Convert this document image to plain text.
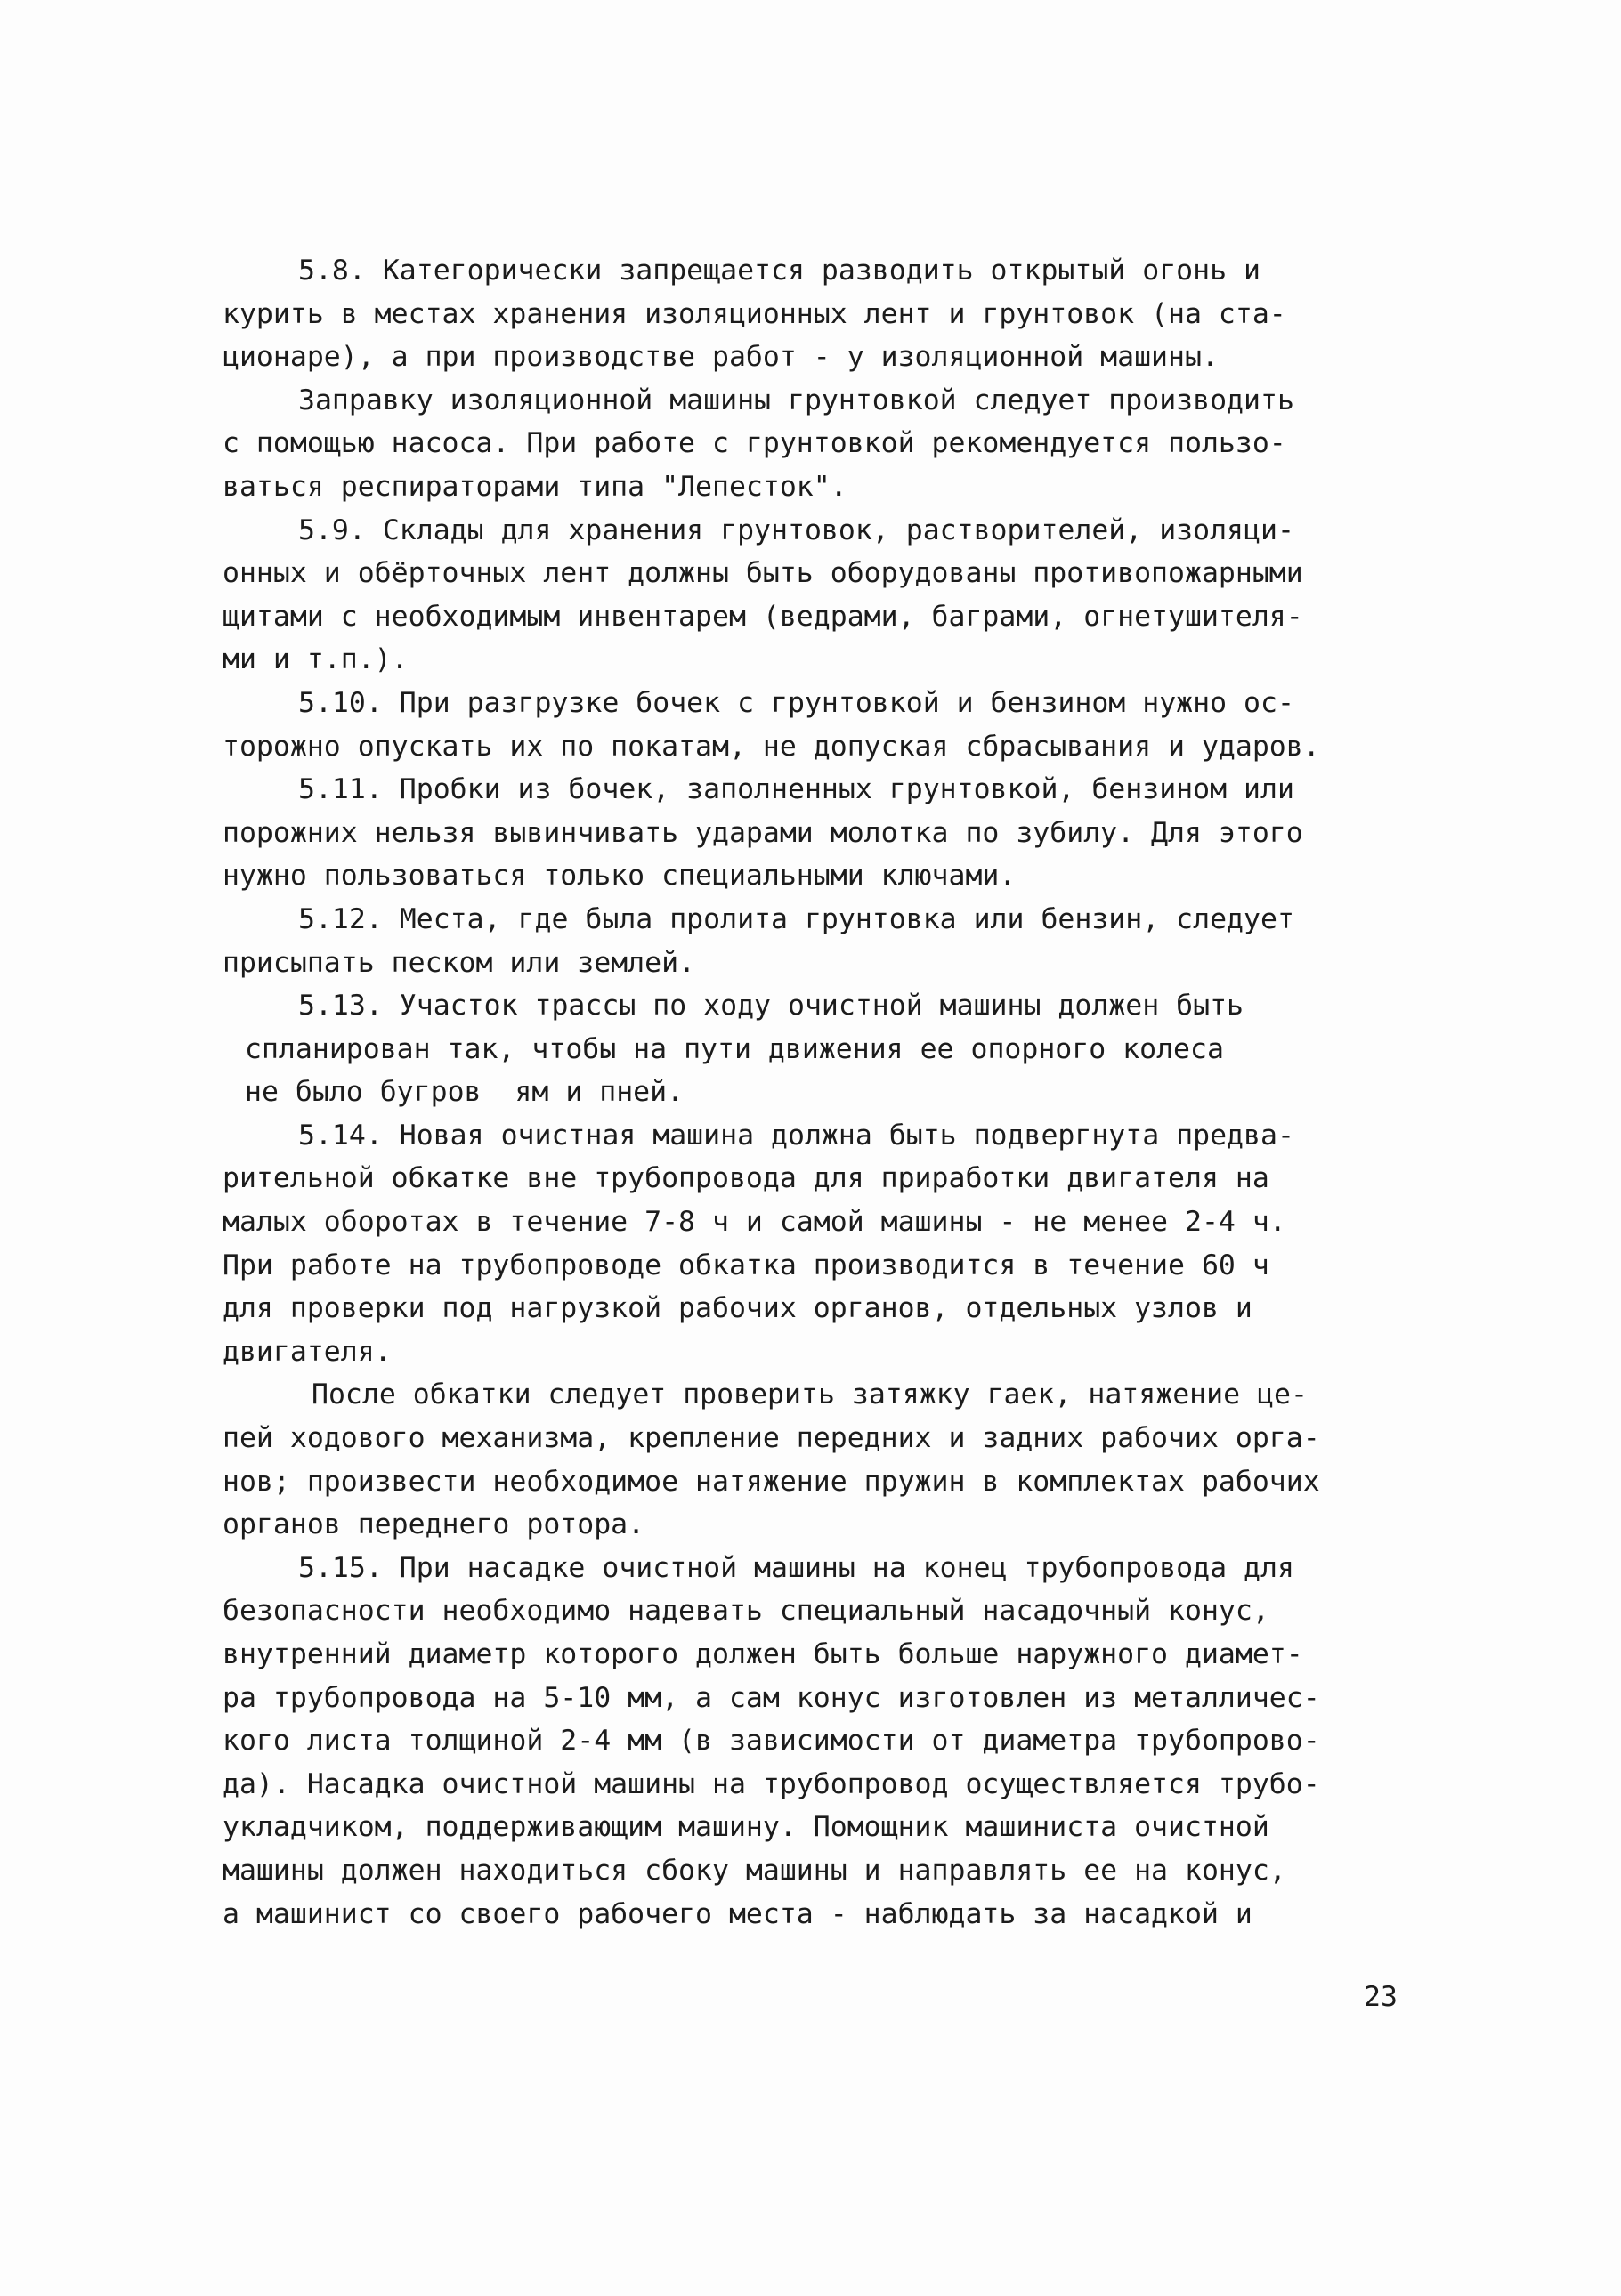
5.8. Категорически запрещается разводить открытый огонь и
курить в местах хранения изоляционных лент и грунтовок (на ста-
ционаре), а при производстве работ - у изоляционной машины.
Заправку изоляционной машины грунтовкой следует производить
с помощью насоса. При работе с грунтовкой рекомендуется пользо-
ваться респираторами типа "Лепесток".
5.9. Склады для хранения грунтовок, растворителей, изоляци-
онных и обёрточных лент должны быть оборудованы противопожарными
щитами с необходимым инвентарем (ведрами, баграми, огнетушителя-
ми и т.п.).
5.10. При разгрузке бочек с грунтовкой и бензином нужно ос-
торожно опускать их по покатам, не допуская сбрасывания и ударов.
5.11. Пробки из бочек, заполненных грунтовкой, бензином или
порожних нельзя вывинчивать ударами молотка по зубилу. Для этого
нужно пользоваться только специальными ключами.
5.12. Места, где была пролита грунтовка или бензин, следует
присыпать песком или землей.
5.13. Участок трассы по ходу очистной машины должен быть
спланирован так, чтобы на пути движения ее опорного колеса
не было бугров  ям и пней.
5.14. Новая очистная машина должна быть подвергнута предва-
рительной обкатке вне трубопровода для приработки двигателя на
малых оборотах в течение 7-8 ч и самой машины - не менее 2-4 ч.
При работе на трубопроводе обкатка производится в течение 60 ч
для проверки под нагрузкой рабочих органов, отдельных узлов и
двигателя.
После обкатки следует проверить затяжку гаек, натяжение це-
пей ходового механизма, крепление передних и задних рабочих орга-
нов; произвести необходимое натяжение пружин в комплектах рабочих
органов переднего ротора.
5.15. При насадке очистной машины на конец трубопровода для
безопасности необходимо надевать специальный насадочный конус,
внутренний диаметр которого должен быть больше наружного диамет-
ра трубопровода на 5-10 мм, а сам конус изготовлен из металличес-
кого листа толщиной 2-4 мм (в зависимости от диаметра трубопрово-
да). Насадка очистной машины на трубопровод осуществляется трубо-
укладчиком, поддерживающим машину. Помощник машиниста очистной
машины должен находиться сбоку машины и направлять ее на конус,
а машинист со своего рабочего места - наблюдать за насадкой и
23
